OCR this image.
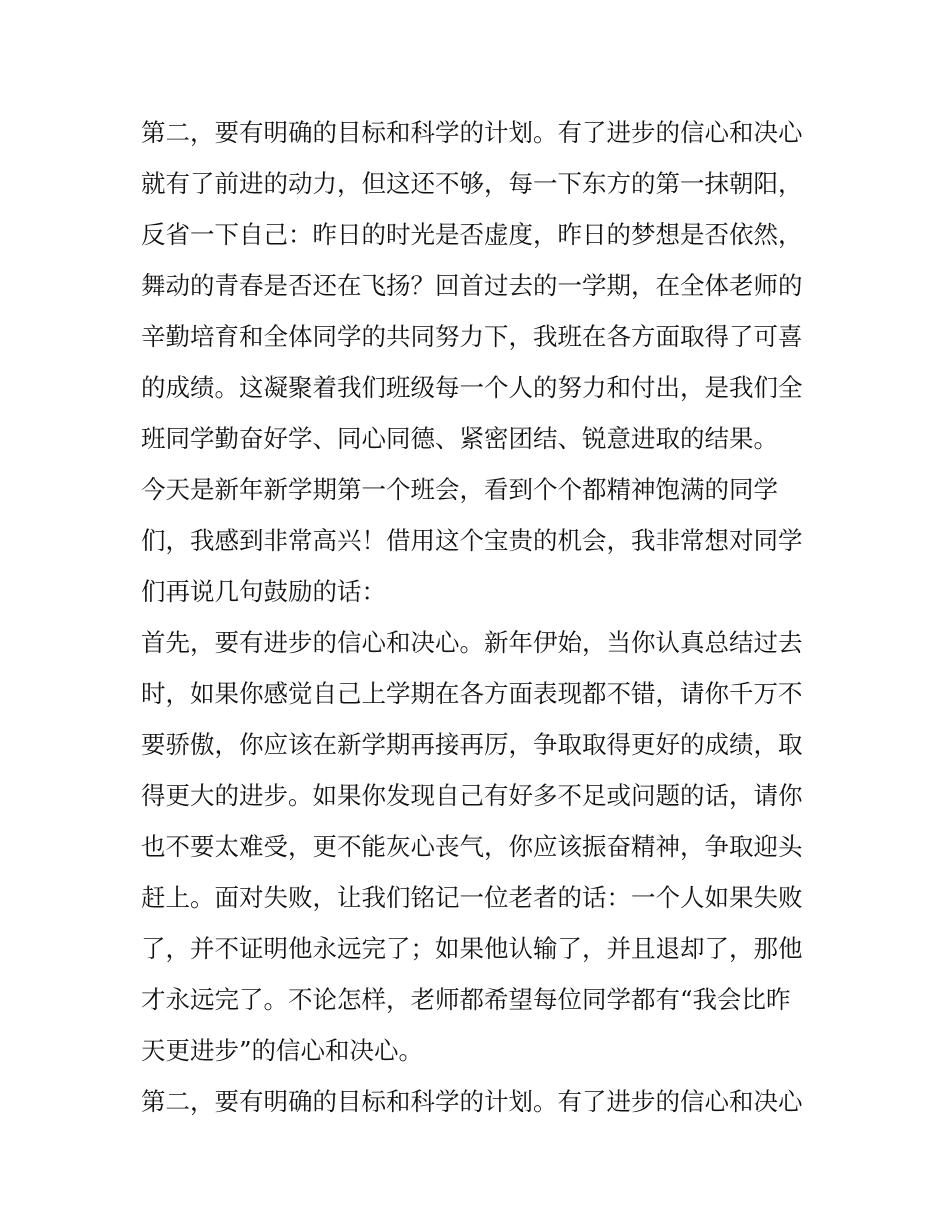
第二，要有明确的目标和科学的计划。有了进步的信心和决心
就有了前进的动力，但这还不够，每一下东方的第一抹朝阳，
反省一下自己：昨日的时光是否虚度，昨日的梦想是否依然，
舞动的青春是否还在飞扬？回首过去的一学期，在全体老师的
辛勤培育和全体同学的共同努力下，我班在各方面取得了可喜
的成绩。这凝聚着我们班级每一个人的努力和付出，是我们全
班同学勤奋好学、同心同德、紧密团结、锐意进取的结果。
今天是新年新学期第一个班会，看到个个都精神饱满的同学
们，我感到非常高兴！借用这个宝贵的机会，我非常想对同学
们再说几句鼓励的话：
首先，要有进步的信心和决心。新年伊始，当你认真总结过去
时，如果你感觉自己上学期在各方面表现都不错，请你千万不
要骄傲，你应该在新学期再接再厉，争取取得更好的成绩，取
得更大的进步。如果你发现自己有好多不足或问题的话，请你
也不要太难受，更不能灰心丧气，你应该振奋精神，争取迎头
赶上。面对失败，让我们铭记一位老者的话：一个人如果失败
了，并不证明他永远完了；如果他认输了，并且退却了，那他
才永远完了。不论怎样，老师都希望每位同学都有“我会比昨
天更进步”的信心和决心。
第二，要有明确的目标和科学的计划。有了进步的信心和决心
